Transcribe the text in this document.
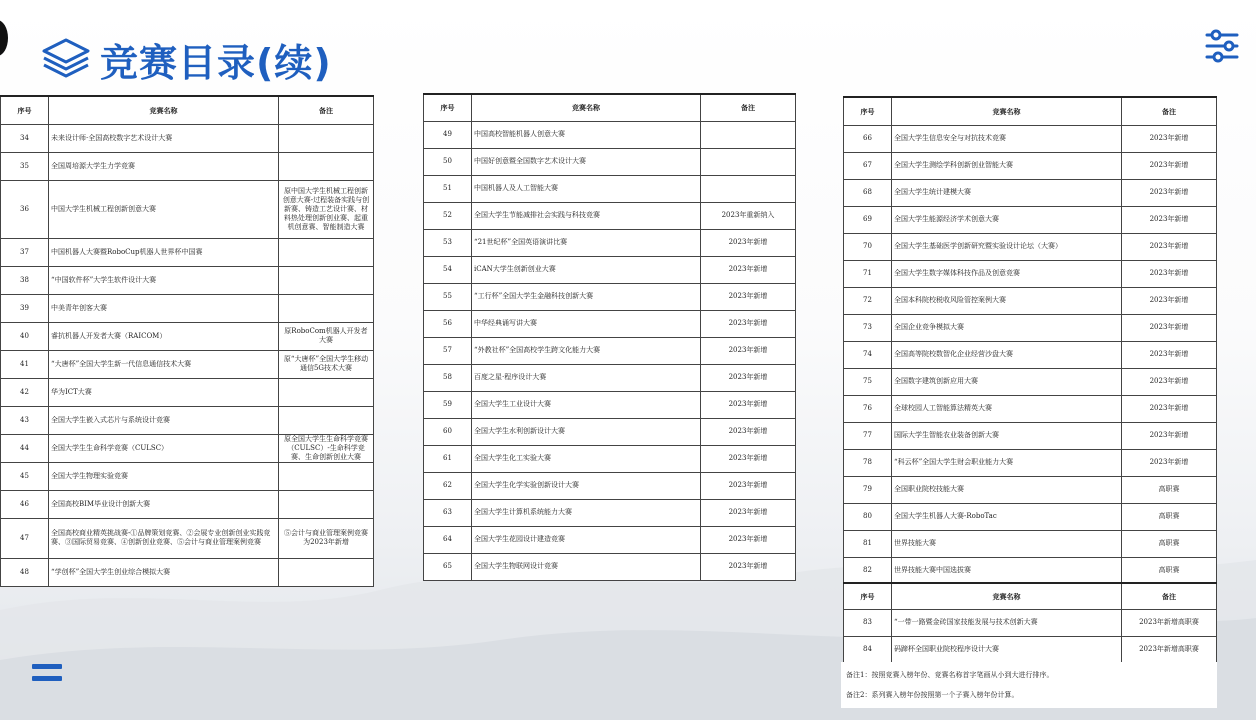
竞赛目录(续)
序号	竞赛名称	备注
34	未来设计师·全国高校数字艺术设计大赛	
35	全国周培源大学生力学竞赛	
36	中国大学生机械工程创新创意大赛	原中国大学生机械工程创新创意大赛-过程装备实践与创新赛、铸造工艺设计赛、材料热处理创新创业赛、起重机创意赛、智能制造大赛
37	中国机器人大赛暨RoboCup机器人世界杯中国赛	
38	“中国软件杯”大学生软件设计大赛	
39	中美青年创客大赛	
40	睿抗机器人开发者大赛（RAICOM）	原RoboCom机器人开发者大赛
41	“大唐杯”全国大学生新一代信息通信技术大赛	原“大唐杯”全国大学生移动通信5G技术大赛
42	华为ICT大赛	
43	全国大学生嵌入式芯片与系统设计竞赛	
44	全国大学生生命科学竞赛（CULSC）	原全国大学生生命科学竞赛（CULSC）-生命科学竞赛、生命创新创业大赛
45	全国大学生物理实验竞赛	
46	全国高校BIM毕业设计创新大赛	
47	全国高校商业精英挑战赛-①品牌策划竞赛、②会展专业创新创业实践竞赛、③国际贸易竞赛、④创新创业竞赛、⑤会计与商业管理案例竞赛	⑤会计与商业管理案例竞赛为2023年新增
48	“学创杯”全国大学生创业综合模拟大赛	
序号	竞赛名称	备注
49	中国高校智能机器人创意大赛	
50	中国好创意暨全国数字艺术设计大赛	
51	中国机器人及人工智能大赛	
52	全国大学生节能减排社会实践与科技竞赛	2023年重新纳入
53	“21世纪杯”全国英语演讲比赛	2023年新增
54	iCAN大学生创新创业大赛	2023年新增
55	“工行杯”全国大学生金融科技创新大赛	2023年新增
56	中华经典诵写讲大赛	2023年新增
57	“外教社杯”全国高校学生跨文化能力大赛	2023年新增
58	百度之星·程序设计大赛	2023年新增
59	全国大学生工业设计大赛	2023年新增
60	全国大学生水利创新设计大赛	2023年新增
61	全国大学生化工实验大赛	2023年新增
62	全国大学生化学实验创新设计大赛	2023年新增
63	全国大学生计算机系统能力大赛	2023年新增
64	全国大学生花园设计建造竞赛	2023年新增
65	全国大学生物联网设计竞赛	2023年新增
序号	竞赛名称	备注
66	全国大学生信息安全与对抗技术竞赛	2023年新增
67	全国大学生测绘学科创新创业智能大赛	2023年新增
68	全国大学生统计建模大赛	2023年新增
69	全国大学生能源经济学术创意大赛	2023年新增
70	全国大学生基础医学创新研究暨实验设计论坛（大赛）	2023年新增
71	全国大学生数字媒体科技作品及创意竞赛	2023年新增
72	全国本科院校税收风险管控案例大赛	2023年新增
73	全国企业竞争模拟大赛	2023年新增
74	全国高等院校数智化企业经营沙盘大赛	2023年新增
75	全国数字建筑创新应用大赛	2023年新增
76	全球校园人工智能算法精英大赛	2023年新增
77	国际大学生智能农业装备创新大赛	2023年新增
78	“科云杯”全国大学生财会职业能力大赛	2023年新增
79	全国职业院校技能大赛	高职赛
80	全国大学生机器人大赛-RoboTac	高职赛
81	世界技能大赛	高职赛
82	世界技能大赛中国选拔赛	高职赛
序号	竞赛名称	备注
83	“一带一路暨金砖国家技能发展与技术创新大赛	2023年新增高职赛
84	码蹄杯全国职业院校程序设计大赛	2023年新增高职赛
备注1：按照竞赛入榜年份、竞赛名称首字笔画从小到大进行排序。
备注2：系列赛入榜年份按照第一个子赛入榜年份计算。
